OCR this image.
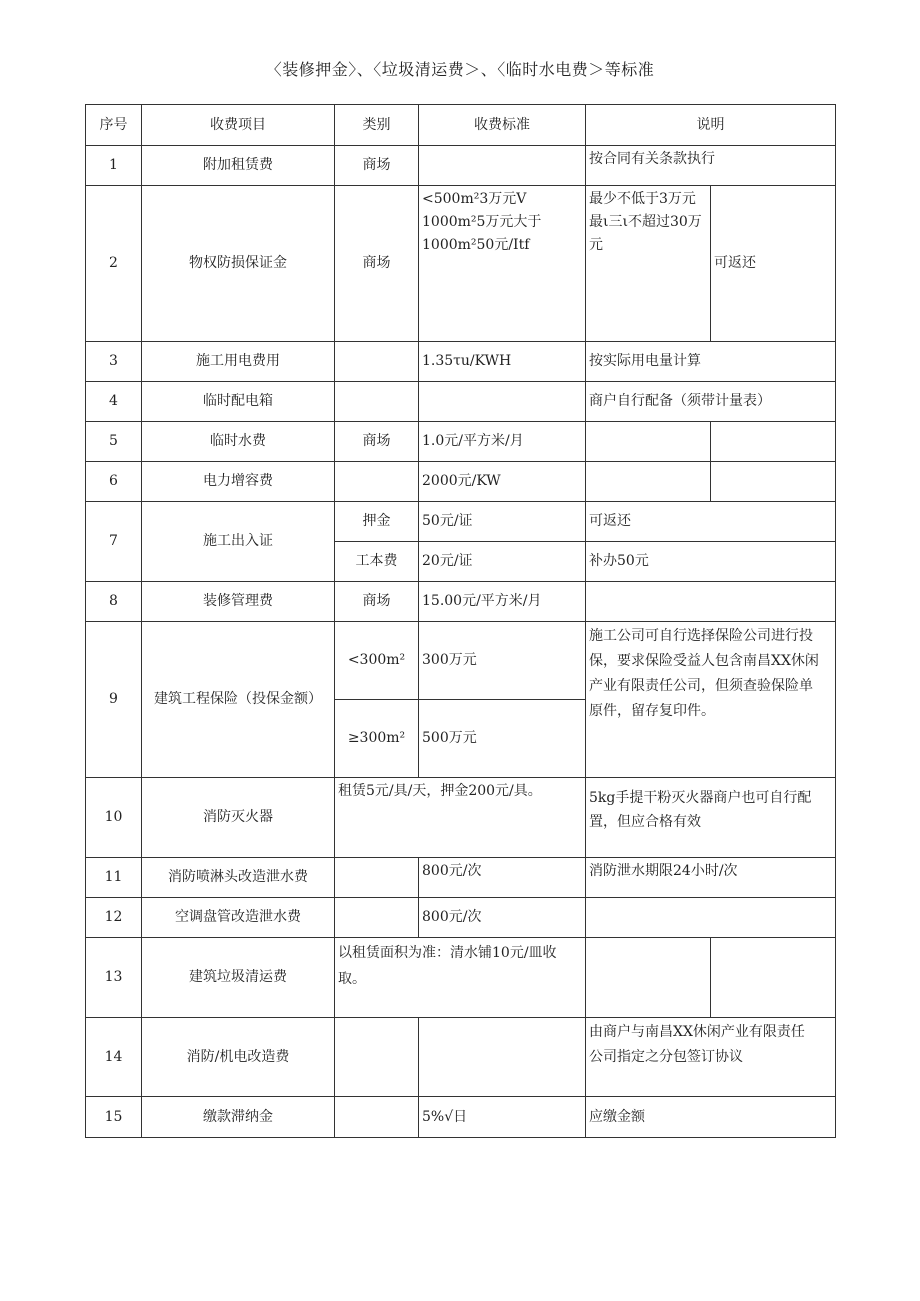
〈装修押金〉、〈垃圾清运费＞、〈临时水电费＞等标准
序号	收费项目	类别	收费标准	说明	
1	附加租赁费	商场		按合同有关条款执行	
2	物权防损保证金	商场	<500m²3万元V
1000m²5万元大于
1000m²50元/Itf	最少不低于3万元
最ι三ι不超过30万
元	可返还
3	施工用电费用		1.35τu/KWH	按实际用电量计算	
4	临时配电箱			商户自行配备（须带计量表）	
5	临时水费	商场	1.0元/平方米/月		
6	电力增容费		2000元/KW		
7	施工出入证	押金	50元/证	可返还	
		工本费	20元/证	补办50元	
8	装修管理费	商场	15.00元/平方米/月		
9	建筑工程保险（投保金额）	<300m²	300万元	施工公司可自行选择保险公司进行投
保，要求保险受益人包含南昌XX休闲
产业有限责任公司，但须查验保险单
原件，留存复印件。	

		≥300m²	500万元		
10	消防灭火器	租赁5元/具/天，押金200元/具。		5kg手提干粉灭火器商户也可自行配
置，但应合格有效	

11	消防喷淋头改造泄水费		800元/次	消防泄水期限24小时/次	
12	空调盘管改造泄水费		800元/次		
13	建筑垃圾清运费	以租赁面积为准：清水铺10元/皿收
取。			

14	消防/机电改造费			由商户与南昌XX休闲产业有限责任
公司指定之分包签订协议	

15	缴款滞纳金		5%√日	应缴金额	
